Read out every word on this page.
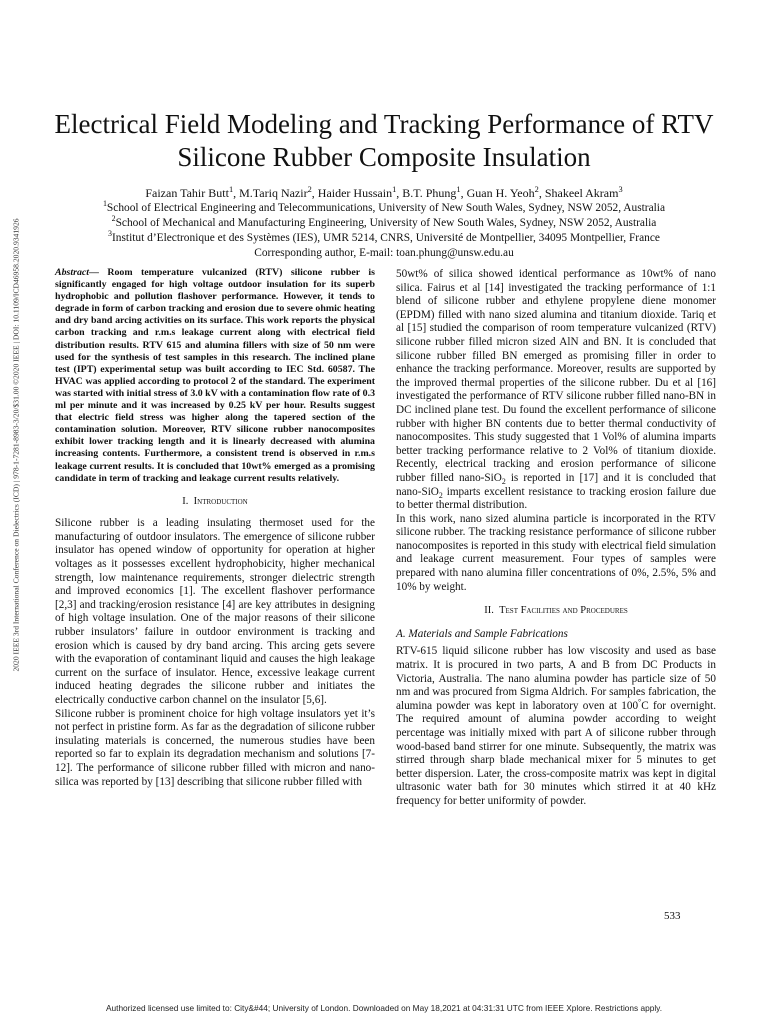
2020 IEEE 3rd International Conference on Dielectrics (ICD) | 978-1-7281-8983-3/20/$31.00 ©2020 IEEE | DOI: 10.1109/ICD46958.2020.9341926
Electrical Field Modeling and Tracking Performance of RTV Silicone Rubber Composite Insulation
Faizan Tahir Butt$^1$, M.Tariq Nazir$^2$, Haider Hussain$^1$, B.T. Phung$^1$, Guan H. Yeoh$^2$, Shakeel Akram$^3$
$^1$School of Electrical Engineering and Telecommunications, University of New South Wales, Sydney, NSW 2052, Australia
$^2$School of Mechanical and Manufacturing Engineering, University of New South Wales, Sydney, NSW 2052, Australia
$^3$Institut d’Electronique et des Systèmes (IES), UMR 5214, CNRS, Université de Montpellier, 34095 Montpellier, France
Corresponding author, E-mail: toan.phung@unsw.edu.au

Abstract— Room temperature vulcanized (RTV) silicone rubber is significantly engaged for high voltage outdoor insulation for its superb hydrophobic and pollution flashover performance. However, it tends to degrade in form of carbon tracking and erosion due to severe ohmic heating and dry band arcing activities on its surface. This work reports the physical carbon tracking and r.m.s leakage current along with electrical field distribution results. RTV 615 and alumina fillers with size of 50 nm were used for the synthesis of test samples in this research. The inclined plane test (IPT) experimental setup was built according to IEC Std. 60587. The HVAC was applied according to protocol 2 of the standard. The experiment was started with initial stress of 3.0 kV with a contamination flow rate of 0.3 ml per minute and it was increased by 0.25 kV per hour. Results suggest that electric field stress was higher along the tapered section of the contamination solution. Moreover, RTV silicone rubber nanocomposites exhibit lower tracking length and it is linearly decreased with alumina increasing contents. Furthermore, a consistent trend is observed in r.m.s leakage current results. It is concluded that 10wt% emerged as a promising candidate in term of tracking and leakage current results relatively.

I. Introduction

Silicone rubber is a leading insulating thermoset used for the manufacturing of outdoor insulators. The emergence of silicone rubber insulator has opened window of opportunity for operation at higher voltages as it possesses excellent hydrophobicity, higher mechanical strength, low maintenance requirements, stronger dielectric strength and improved economics [1]. The excellent flashover performance [2,3] and tracking/erosion resistance [4] are key attributes in designing of high voltage insulation. One of the major reasons of their silicone rubber insulators’ failure in outdoor environment is tracking and erosion which is caused by dry band arcing. This arcing gets severe with the evaporation of contaminant liquid and causes the high leakage current on the surface of insulator. Hence, excessive leakage current induced heating degrades the silicone rubber and initiates the electrically conductive carbon channel on the insulator [5,6].

Silicone rubber is prominent choice for high voltage insulators yet it’s not perfect in pristine form. As far as the degradation of silicone rubber insulating materials is concerned, the numerous studies have been reported so far to explain its degradation mechanism and solutions [7-12]. The performance of silicone rubber filled with micron and nano-silica was reported by [13] describing that silicone rubber filled with

50wt% of silica showed identical performance as 10wt% of nano silica. Fairus et al [14] investigated the tracking performance of 1:1 blend of silicone rubber and ethylene propylene diene monomer (EPDM) filled with nano sized alumina and titanium dioxide. Tariq et al [15] studied the comparison of room temperature vulcanized (RTV) silicone rubber filled micron sized AlN and BN. It is concluded that silicone rubber filled BN emerged as promising filler in order to enhance the tracking performance. Moreover, results are supported by the improved thermal properties of the silicone rubber. Du et al [16] investigated the performance of RTV silicone rubber filled nano-BN in DC inclined plane test. Du found the excellent performance of silicone rubber with higher BN contents due to better thermal conductivity of nanocomposites. This study suggested that 1 Vol% of alumina imparts better tracking performance relative to 2 Vol% of titanium dioxide. Recently, electrical tracking and erosion performance of silicone rubber filled nano-SiO$_2$ is reported in [17] and it is concluded that nano-SiO$_2$ imparts excellent resistance to tracking erosion failure due to better thermal distribution.

In this work, nano sized alumina particle is incorporated in the RTV silicone rubber. The tracking resistance performance of silicone rubber nanocomposites is reported in this study with electrical field simulation and leakage current measurement. Four types of samples were prepared with nano alumina filler concentrations of 0%, 2.5%, 5% and 10% by weight.

II. Test Facilities and Procedures
A. Materials and Sample Fabrications

RTV-615 liquid silicone rubber has low viscosity and used as base matrix. It is procured in two parts, A and B from DC Products in Victoria, Australia. The nano alumina powder has particle size of 50 nm and was procured from Sigma Aldrich. For samples fabrication, the alumina powder was kept in laboratory oven at 100°C for overnight. The required amount of alumina powder according to weight percentage was initially mixed with part A of silicone rubber through wood-based band stirrer for one minute. Subsequently, the matrix was stirred through sharp blade mechanical mixer for 5 minutes to get better dispersion. Later, the cross-composite matrix was kept in digital ultrasonic water bath for 30 minutes which stirred it at 40 kHz frequency for better uniformity of powder.

533
Authorized licensed use limited to: City&#44; University of London. Downloaded on May 18,2021 at 04:31:31 UTC from IEEE Xplore. Restrictions apply.
